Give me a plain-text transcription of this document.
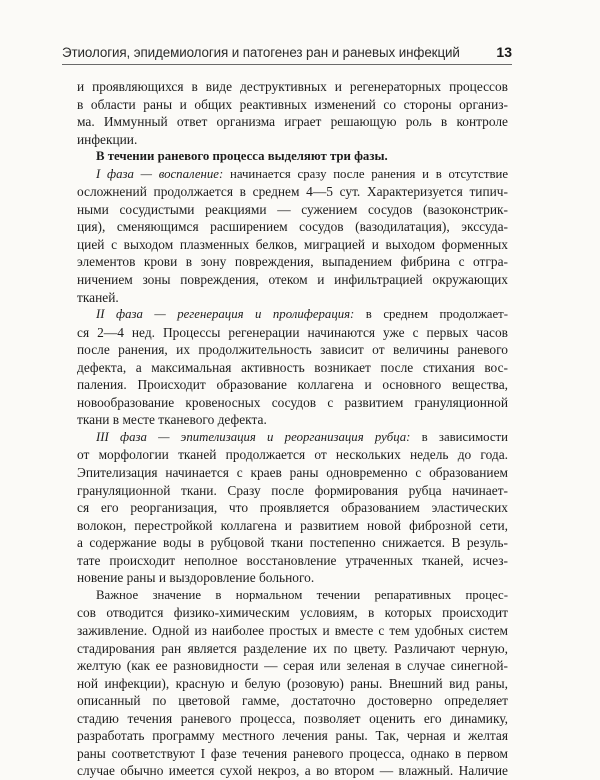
Этиология, эпидемиология и патогенез ран и раневых инфекций	13

и проявляющихся в виде деструктивных и регенераторных процессов
в области раны и общих реактивных изменений со стороны организ-
ма. Иммунный ответ организма играет решающую роль в контроле
инфекции.

В течении раневого процесса выделяют три фазы.

I фаза — воспаление: начинается сразу после ранения и в отсутствие

осложнений продолжается в среднем 4—5 сут. Характеризуется типич-
ными сосудистыми реакциями — сужением сосудов (вазоконстрик-
ция), сменяющимся расширением сосудов (вазодилатация), экссуда-
цией с выходом плазменных белков, миграцией и выходом форменных
элементов крови в зону повреждения, выпадением фибрина с отгра-
ничением зоны повреждения, отеком и инфильтрацией окружающих
тканей.

II фаза — регенерация и пролиферация: в среднем продолжает-

ся 2—4 нед. Процессы регенерации начинаются уже с первых часов
после ранения, их продолжительность зависит от величины раневого
дефекта, а максимальная активность возникает после стихания вос-
паления. Происходит образование коллагена и основного вещества,
новообразование кровеносных сосудов с развитием грануляционной
ткани в месте тканевого дефекта.

III фаза — эпителизация и реорганизация рубца: в зависимости

от морфологии тканей продолжается от нескольких недель до года.
Эпителизация начинается с краев раны одновременно с образованием
грануляционной ткани. Сразу после формирования рубца начинает-
ся его реорганизация, что проявляется образованием эластических
волокон, перестройкой коллагена и развитием новой фиброзной сети,
а содержание воды в рубцовой ткани постепенно снижается. В резуль-
тате происходит неполное восстановление утраченных тканей, исчез-
новение раны и выздоровление больного.

Важное значение в нормальном течении репаративных процес-

сов отводится физико-химическим условиям, в которых происходит
заживление. Одной из наиболее простых и вместе с тем удобных систем
стадирования ран является разделение их по цвету. Различают черную,
желтую (как ее разновидности — серая или зеленая в случае синегной-
ной инфекции), красную и белую (розовую) раны. Внешний вид раны,
описанный по цветовой гамме, достаточно достоверно определяет
стадию течения раневого процесса, позволяет оценить его динамику,
разработать программу местного лечения раны. Так, черная и желтая
раны соответствуют I фазе течения раневого процесса, однако в первом
случае обычно имеется сухой некроз, а во втором — влажный. Наличие
